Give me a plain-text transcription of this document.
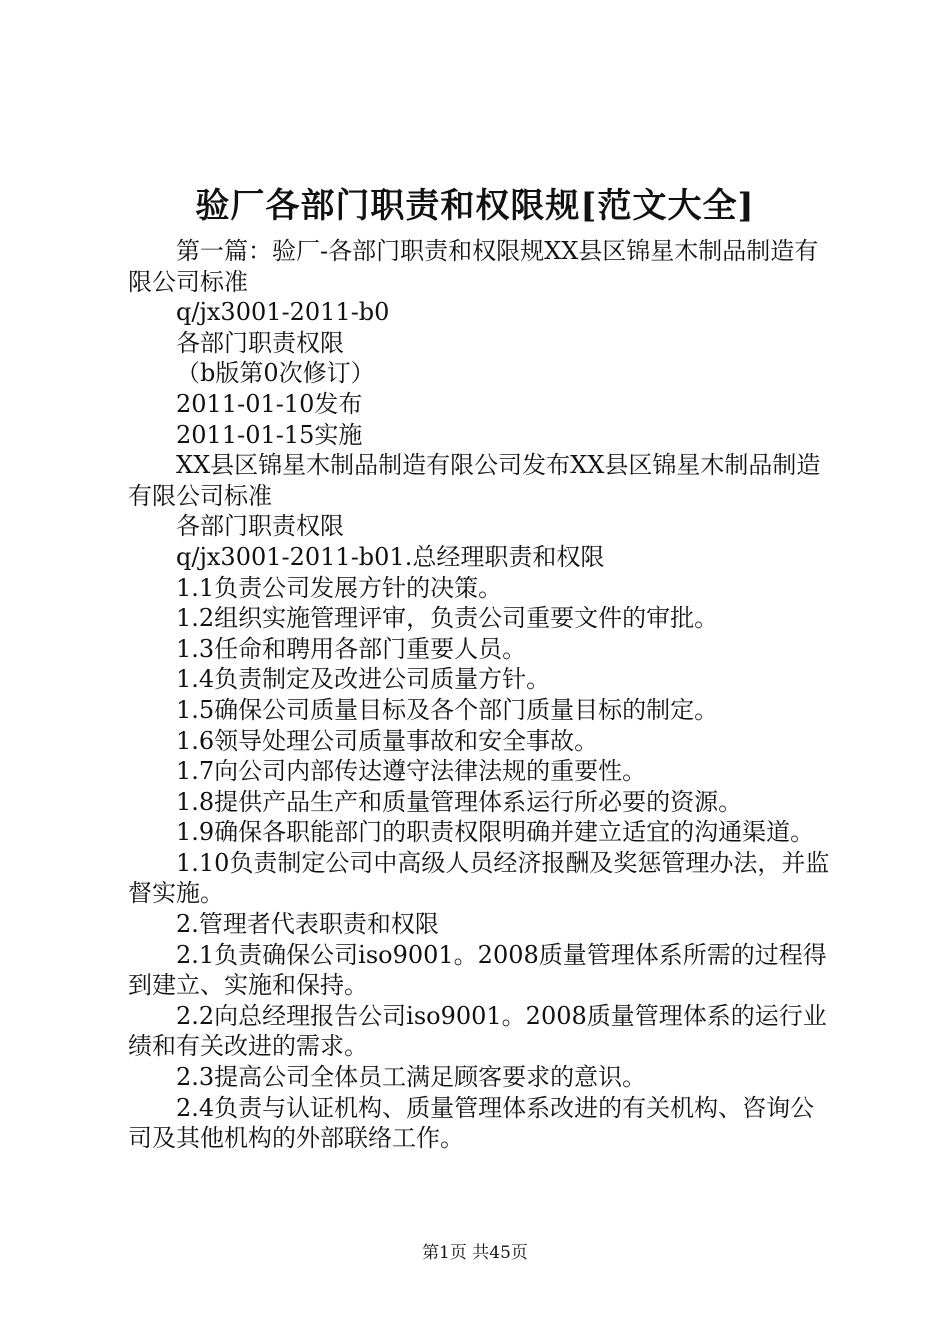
验厂各部门职责和权限规[范文大全]

第一篇：验厂-各部门职责和权限规XX县区锦星木制品制造有限公司标准

q/jx3001-2011-b0

各部门职责权限

（b版第0次修订）

2011-01-10发布

2011-01-15实施

XX县区锦星木制品制造有限公司发布XX县区锦星木制品制造有限公司标准

各部门职责权限

q/jx3001-2011-b01.总经理职责和权限

1.1负责公司发展方针的决策。

1.2组织实施管理评审，负责公司重要文件的审批。

1.3任命和聘用各部门重要人员。

1.4负责制定及改进公司质量方针。

1.5确保公司质量目标及各个部门质量目标的制定。

1.6领导处理公司质量事故和安全事故。

1.7向公司内部传达遵守法律法规的重要性。

1.8提供产品生产和质量管理体系运行所必要的资源。

1.9确保各职能部门的职责权限明确并建立适宜的沟通渠道。

1.10负责制定公司中高级人员经济报酬及奖惩管理办法，并监督实施。

2.管理者代表职责和权限

2.1负责确保公司iso9001。2008质量管理体系所需的过程得到建立、实施和保持。

2.2向总经理报告公司iso9001。2008质量管理体系的运行业绩和有关改进的需求。

2.3提高公司全体员工满足顾客要求的意识。

2.4负责与认证机构、质量管理体系改进的有关机构、咨询公司及其他机构的外部联络工作。

第1页 共45页
